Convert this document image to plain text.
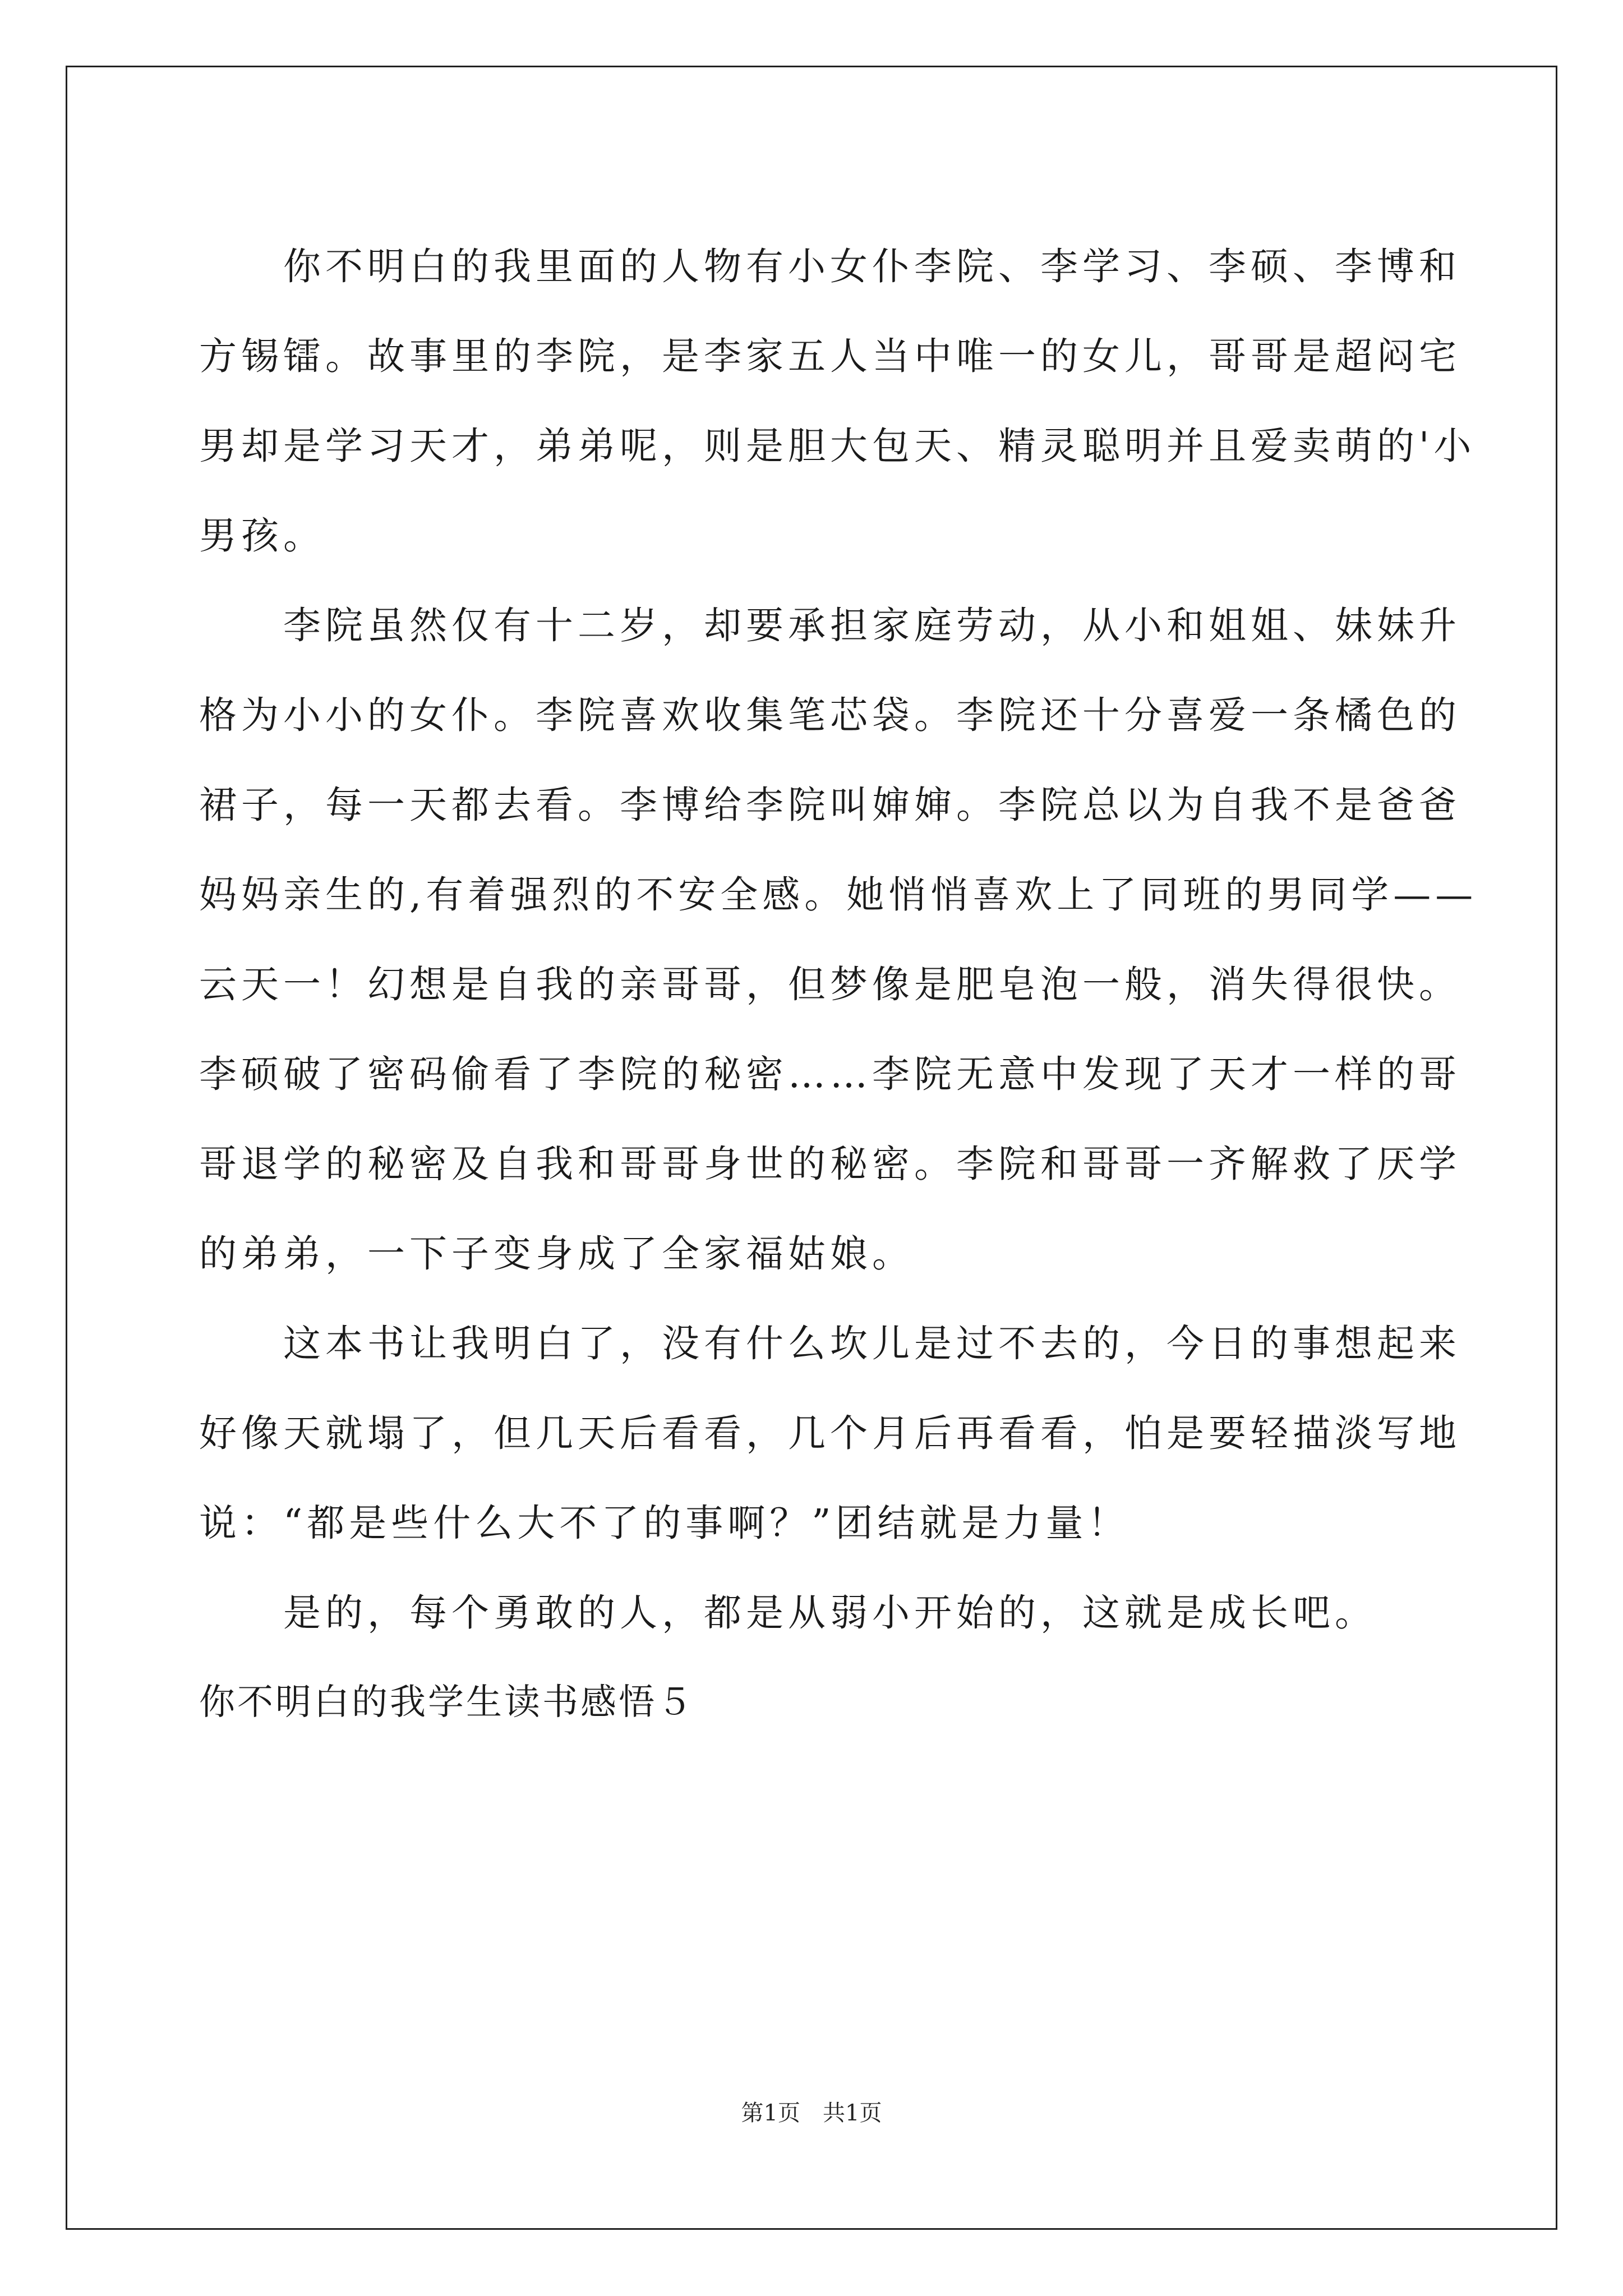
你不明白的我里面的人物有小女仆李院、李学习、李硕、李博和
方锡镭。故事里的李院，是李家五人当中唯一的女儿，哥哥是超闷宅
男却是学习天才，弟弟呢，则是胆大包天、精灵聪明并且爱卖萌的'小
男孩。
李院虽然仅有十二岁，却要承担家庭劳动，从小和姐姐、妹妹升
格为小小的女仆。李院喜欢收集笔芯袋。李院还十分喜爱一条橘色的
裙子，每一天都去看。李博给李院叫婶婶。李院总以为自我不是爸爸
妈妈亲生的,有着强烈的不安全感。她悄悄喜欢上了同班的男同学——
云天一！幻想是自我的亲哥哥，但梦像是肥皂泡一般，消失得很快。
李硕破了密码偷看了李院的秘密……李院无意中发现了天才一样的哥
哥退学的秘密及自我和哥哥身世的秘密。李院和哥哥一齐解救了厌学
的弟弟，一下子变身成了全家福姑娘。
这本书让我明白了，没有什么坎儿是过不去的，今日的事想起来
好像天就塌了，但几天后看看，几个月后再看看，怕是要轻描淡写地
说：“都是些什么大不了的事啊？”团结就是力量！
是的，每个勇敢的人，都是从弱小开始的，这就是成长吧。
你不明白的我学生读书感悟５
第1页　共1页
